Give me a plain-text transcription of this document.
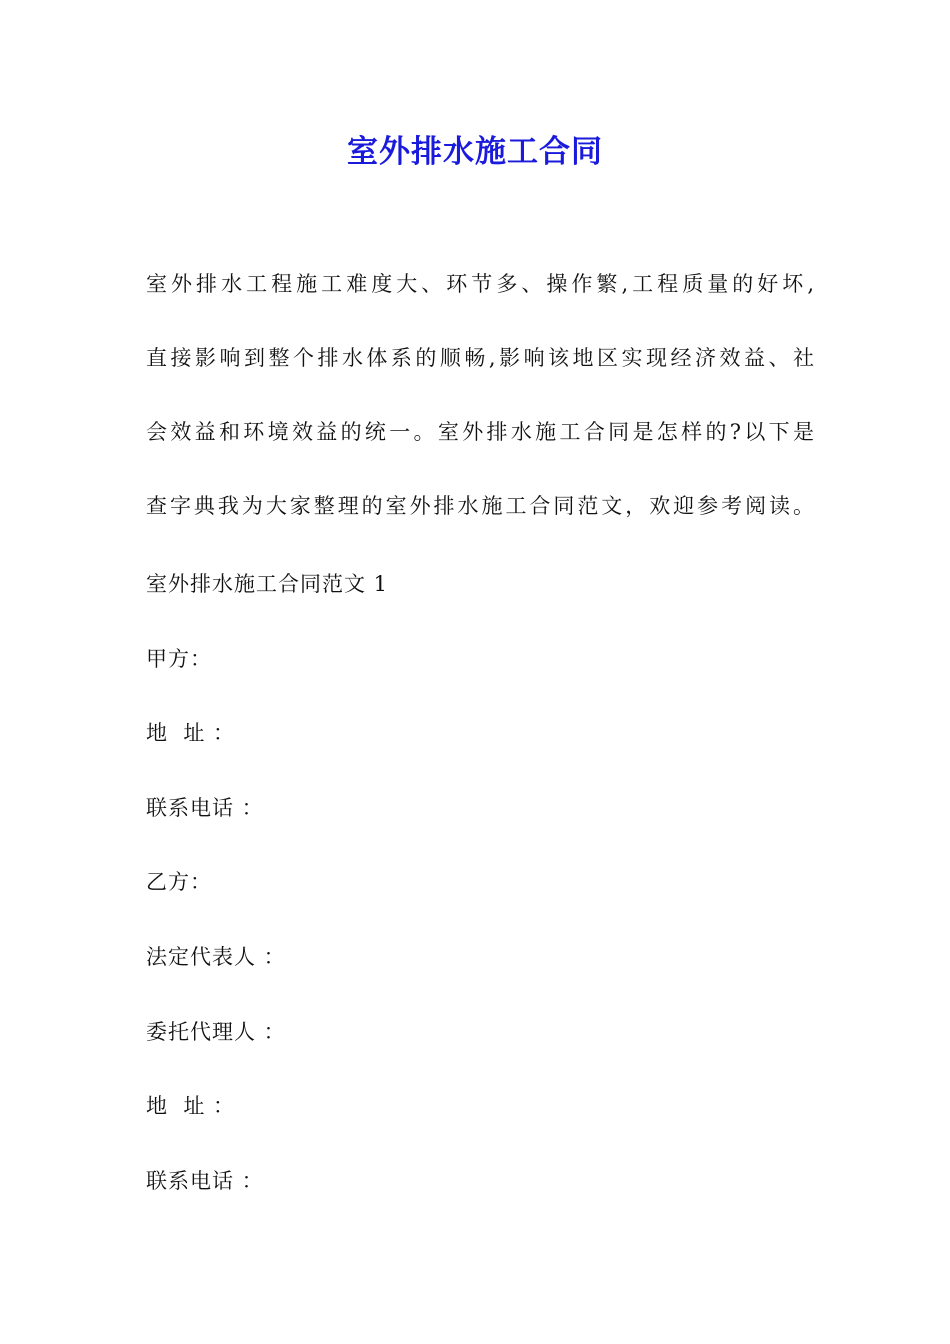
室外排水施工合同
室外排水工程施工难度大、环节多、操作繁,工程质量的好坏,
直接影响到整个排水体系的顺畅,影响该地区实现经济效益、社
会效益和环境效益的统一。室外排水施工合同是怎样的?以下是
查字典我为大家整理的室外排水施工合同范文，欢迎参考阅读。
室外排水施工合同范文 1
甲方：
地  址 ：
联系电话 ：
乙方：
法定代表人 ：
委托代理人 ：
地  址 ：
联系电话 ：
